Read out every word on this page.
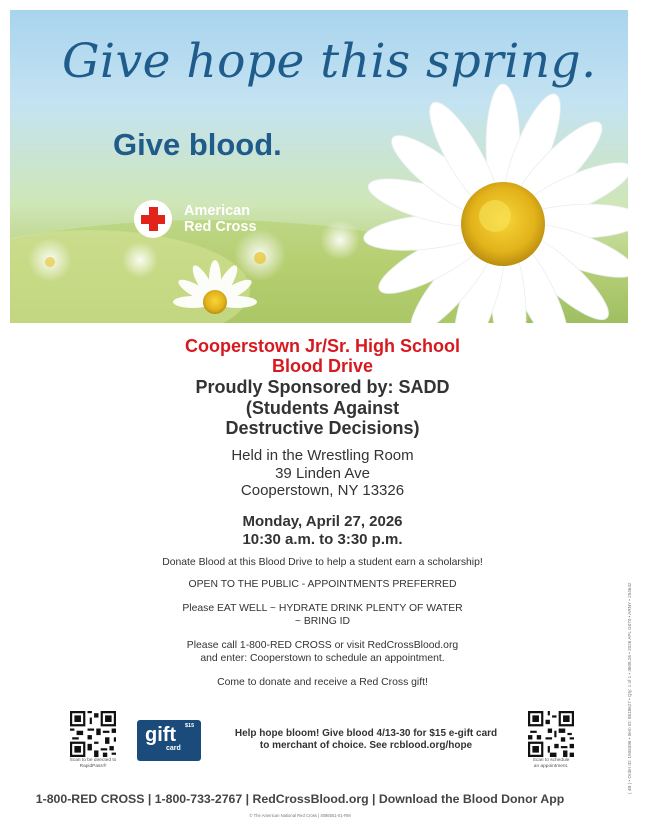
Give hope this spring.
Give blood.

American
Red Cross

Cooperstown Jr/Sr. High School
Blood Drive

Proudly Sponsored by: SADD
(Students Against
Destructive Decisions)

Held in the Wrestling Room
39 Linden Ave
Cooperstown, NY 13326

Monday, April 27, 2026
10:30 a.m. to 3:30 p.m.

Donate Blood at this Blood Drive to help a student earn a scholarship!

OPEN TO THE PUBLIC - APPOINTMENTS PREFERRED

Please EAT WELL ~ HYDRATE DRINK PLENTY OF WATER
~ BRING ID

Please call 1-800-RED CROSS or visit RedCrossBlood.org
and enter: Cooperstown to schedule an appointment.

Come to donate and receive a Red Cross gift!

Scan to be directed to
RapidPass®

gift

card

$15

Help hope bloom! Give blood 4/13-30 for $15 e-gift card
to merchant of choice. See rcblood.org/hope

Scan to schedule
an appointment.

1-800-RED CROSS | 1-800-733-2767 | RedCrossBlood.org | Download the Blood Donor App

© The American National Red Cross | 4086551-01-RM

( 4B ) • Order ID: 1506396 • Item ID: 8818627 • Qty: 1 of 1 • 4608.26 • 2026 APL G070 • ARNY • 254642
